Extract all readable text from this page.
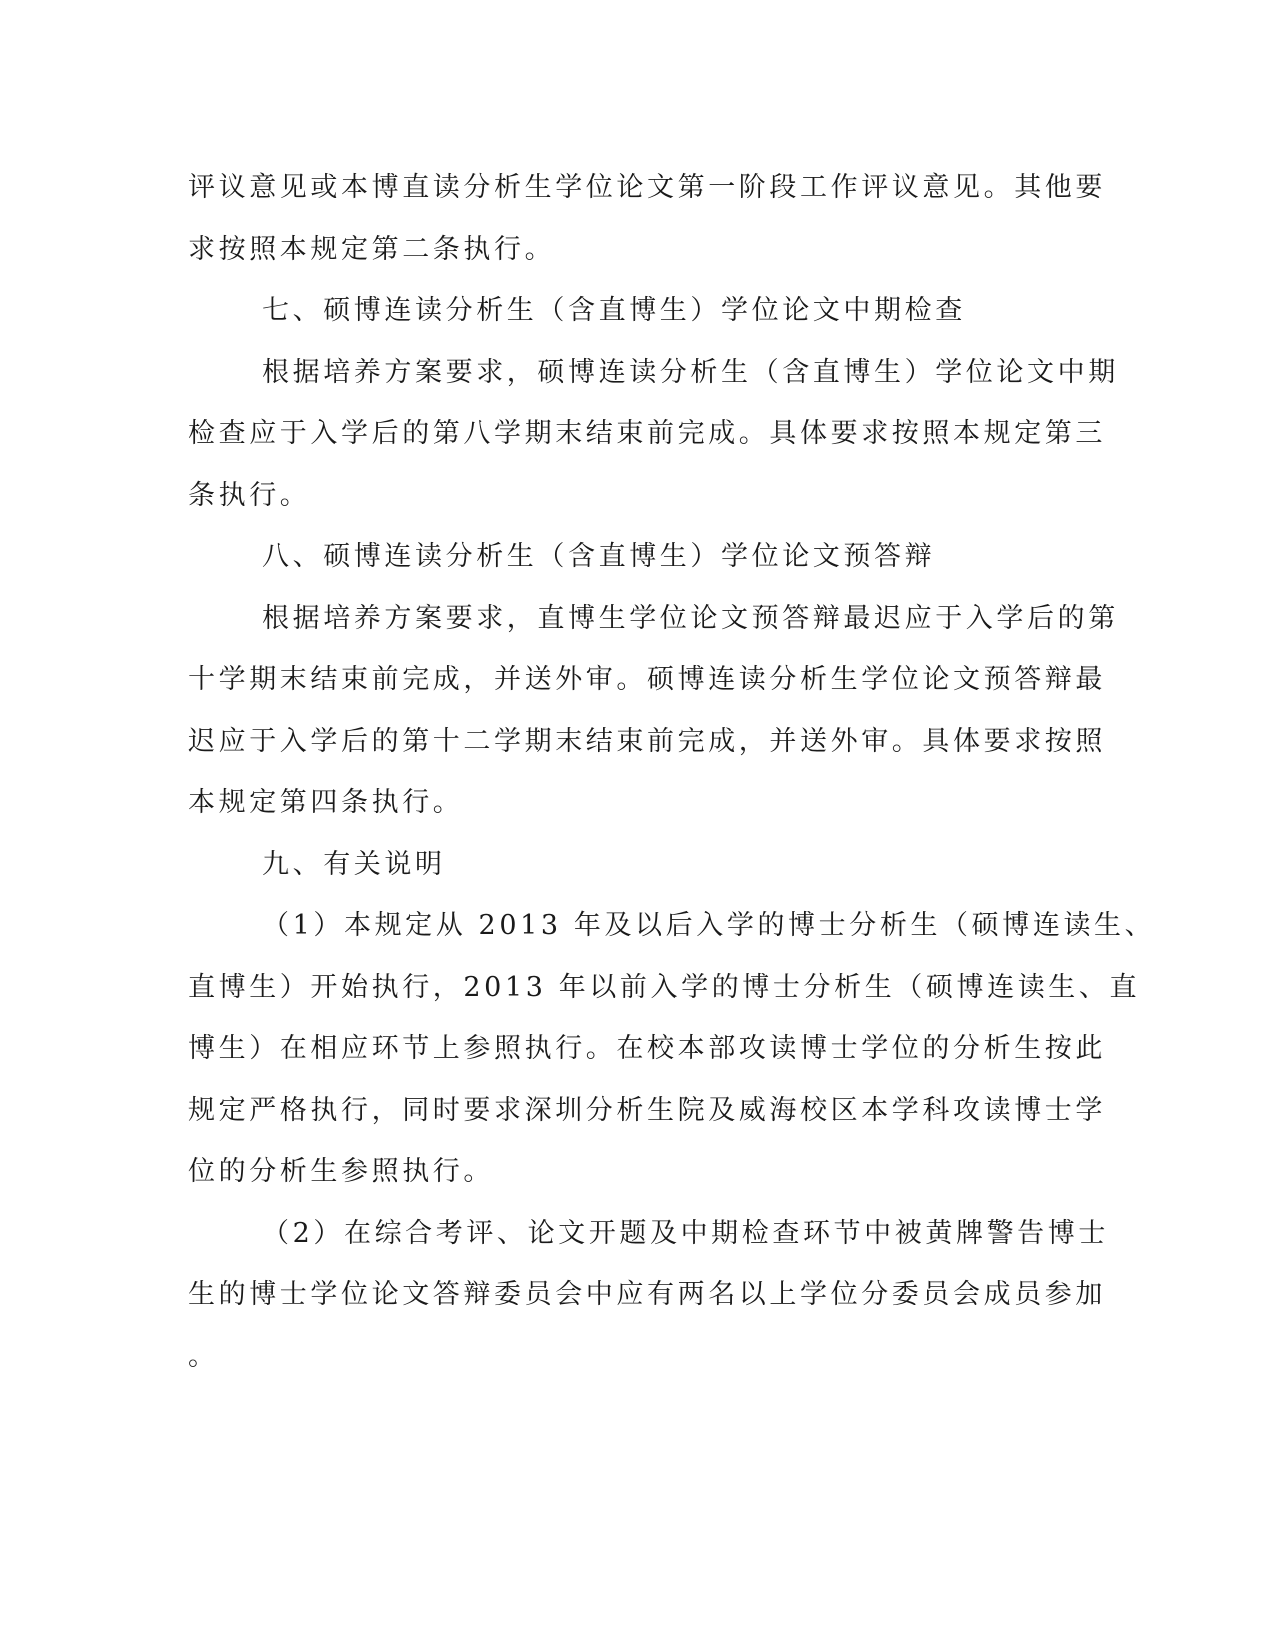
评议意见或本博直读分析生学位论文第一阶段工作评议意见。其他要
求按照本规定第二条执行。

七、硕博连读分析生（含直博生）学位论文中期检查

根据培养方案要求，硕博连读分析生（含直博生）学位论文中期
检查应于入学后的第八学期末结束前完成。具体要求按照本规定第三
条执行。

八、硕博连读分析生（含直博生）学位论文预答辩

根据培养方案要求，直博生学位论文预答辩最迟应于入学后的第
十学期末结束前完成，并送外审。硕博连读分析生学位论文预答辩最
迟应于入学后的第十二学期末结束前完成，并送外审。具体要求按照
本规定第四条执行。

九、有关说明

（1）本规定从 2013 年及以后入学的博士分析生（硕博连读生、
直博生）开始执行，2013 年以前入学的博士分析生（硕博连读生、直
博生）在相应环节上参照执行。在校本部攻读博士学位的分析生按此
规定严格执行，同时要求深圳分析生院及威海校区本学科攻读博士学
位的分析生参照执行。

（2）在综合考评、论文开题及中期检查环节中被黄牌警告博士
生的博士学位论文答辩委员会中应有两名以上学位分委员会成员参加
。
